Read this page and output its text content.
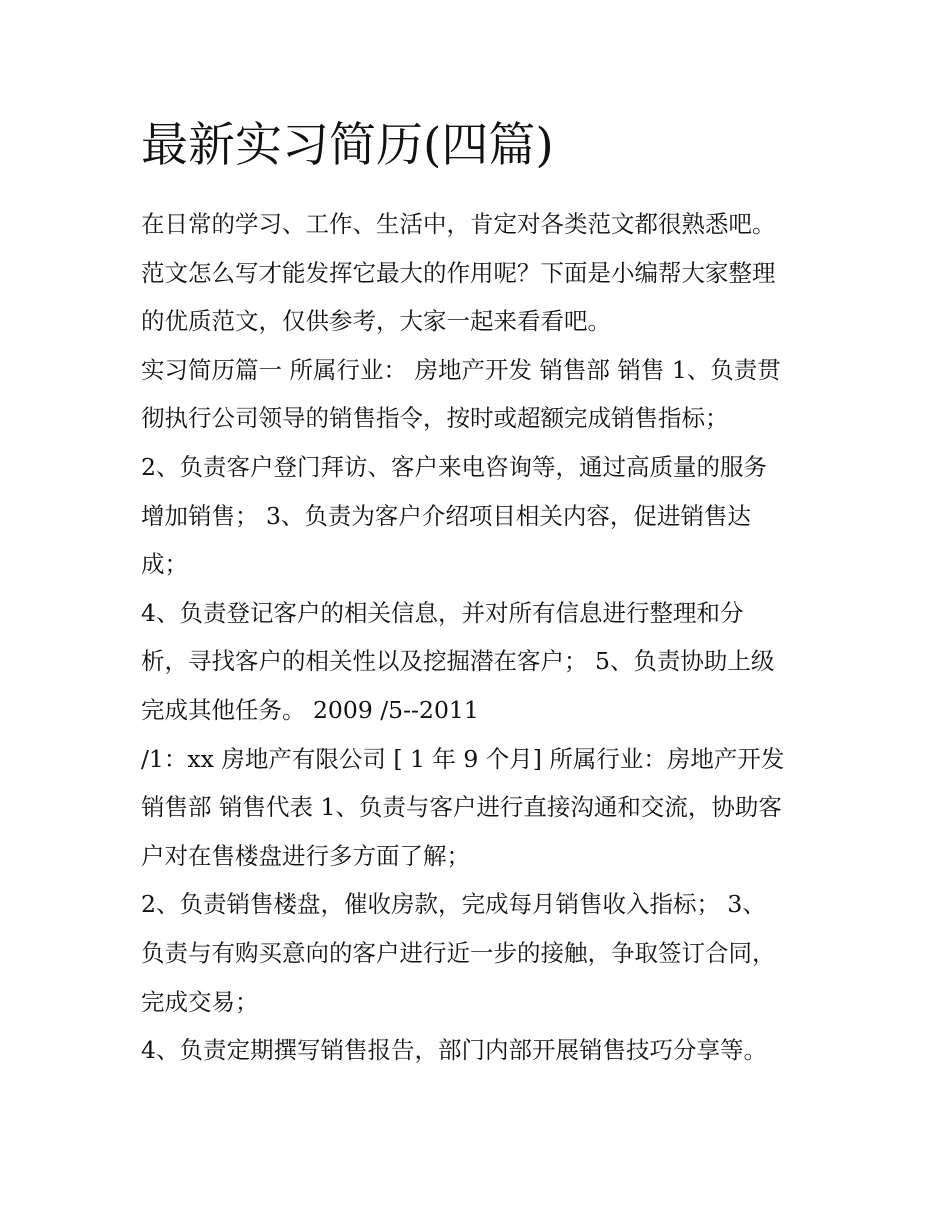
最新实习简历(四篇)
在日常的学习、工作、生活中，肯定对各类范文都很熟悉吧。
范文怎么写才能发挥它最大的作用呢？下面是小编帮大家整理
的优质范文，仅供参考，大家一起来看看吧。
实习简历篇一 所属行业： 房地产开发 销售部 销售 1、负责贯
彻执行公司领导的销售指令，按时或超额完成销售指标；
2、负责客户登门拜访、客户来电咨询等，通过高质量的服务
增加销售； 3、负责为客户介绍项目相关内容，促进销售达
成；
4、负责登记客户的相关信息，并对所有信息进行整理和分
析，寻找客户的相关性以及挖掘潜在客户； 5、负责协助上级
完成其他任务。 2009 /5--2011
/1：xx 房地产有限公司 [ 1 年 9 个月] 所属行业：房地产开发
销售部 销售代表 1、负责与客户进行直接沟通和交流，协助客
户对在售楼盘进行多方面了解；
2、负责销售楼盘，催收房款，完成每月销售收入指标； 3、
负责与有购买意向的客户进行近一步的接触，争取签订合同，
完成交易；
4、负责定期撰写销售报告，部门内部开展销售技巧分享等。
